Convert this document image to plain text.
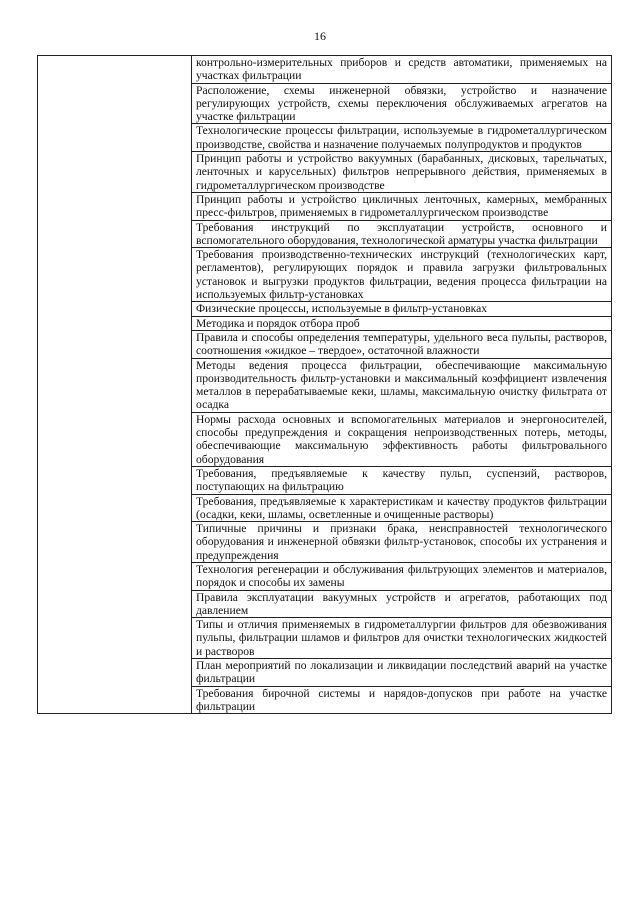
16
	контрольно-измерительных приборов и средств автоматики, применяемых на участках фильтрации
Расположение, схемы инженерной обвязки, устройство и назначение регулирующих устройств, схемы переключения обслуживаемых агрегатов на участке фильтрации
Технологические процессы фильтрации, используемые в гидрометаллургическом производстве, свойства и назначение получаемых полупродуктов и продуктов
Принцип работы и устройство вакуумных (барабанных, дисковых, тарельчатых, ленточных и карусельных) фильтров непрерывного действия, применяемых в гидрометаллургическом производстве
Принцип работы и устройство цикличных ленточных, камерных, мембранных пресс-фильтров, применяемых в гидрометаллургическом производстве
Требования инструкций по эксплуатации устройств, основного и вспомогательного оборудования, технологической арматуры участка фильтрации
Требования производственно-технических инструкций (технологических карт, регламентов), регулирующих порядок и правила загрузки фильтровальных установок и выгрузки продуктов фильтрации, ведения процесса фильтрации на используемых фильтр-установках
Физические процессы, используемые в фильтр-установках
Методика и порядок отбора проб
Правила и способы определения температуры, удельного веса пульпы, растворов, соотношения «жидкое – твердое», остаточной влажности
Методы ведения процесса фильтрации, обеспечивающие максимальную производительность фильтр-установки и максимальный коэффициент извлечения металлов в перерабатываемые кеки, шламы, максимальную очистку фильтрата от осадка
Нормы расхода основных и вспомогательных материалов и энергоносителей, способы предупреждения и сокращения непроизводственных потерь, методы, обеспечивающие максимальную эффективность работы фильтровального оборудования
Требования, предъявляемые к качеству пульп, суспензий, растворов, поступающих на фильтрацию
Требования, предъявляемые к характеристикам и качеству продуктов фильтрации (осадки, кеки, шламы, осветленные и очищенные растворы)
Типичные причины и признаки брака, неисправностей технологического оборудования и инженерной обвязки фильтр-установок, способы их устранения и предупреждения
Технология регенерации и обслуживания фильтрующих элементов и материалов, порядок и способы их замены
Правила эксплуатации вакуумных устройств и агрегатов, работающих под давлением
Типы и отличия применяемых в гидрометаллургии фильтров для обезвоживания пульпы, фильтрации шламов и фильтров для очистки технологических жидкостей и растворов
План мероприятий по локализации и ликвидации последствий аварий на участке фильтрации
Требования бирочной системы и нарядов-допусков при работе на участке фильтрации
